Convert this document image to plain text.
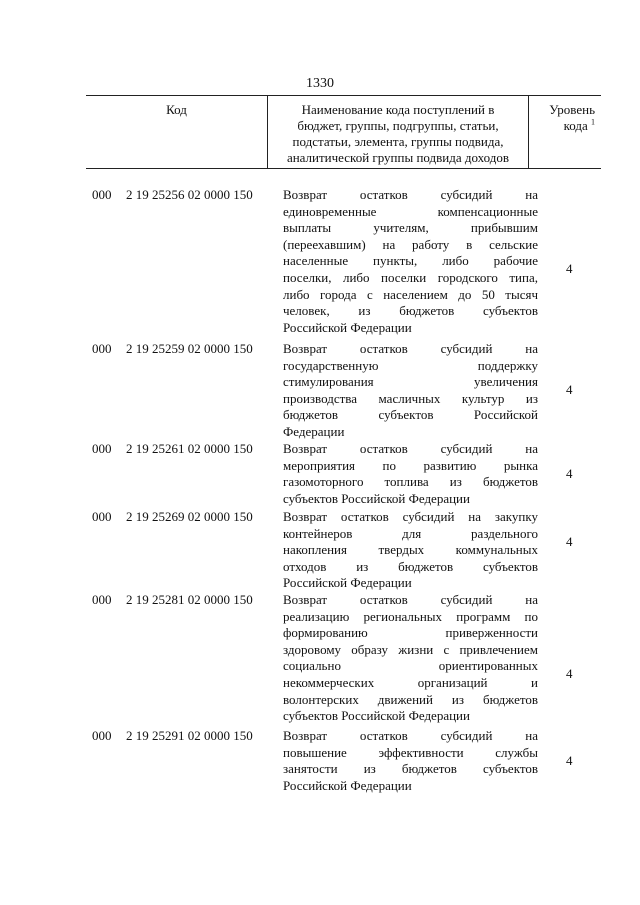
1330
Код	Наименование кода поступлений в
бюджет, группы, подгруппы, статьи,
подстатьи, элемента, группы подвида,
аналитической группы подвида доходов
Уровень
кода $^1$
000 2 19 25256 02 0000 150 Возврат остатков субсидий на
единовременные компенсационные
выплаты учителям, прибывшим
(переехавшим) на работу в сельские
населенные пункты, либо рабочие
поселки, либо поселки городского типа,
либо города с населением до 50 тысяч
человек, из бюджетов субъектов
Российской Федерации
4
000 2 19 25259 02 0000 150 Возврат остатков субсидий на
государственную поддержку
стимулирования увеличения
производства масличных культур из
бюджетов субъектов Российской
Федерации
4
000 2 19 25261 02 0000 150 Возврат остатков субсидий на
мероприятия по развитию рынка
газомоторного топлива из бюджетов
субъектов Российской Федерации
4
000 2 19 25269 02 0000 150 Возврат остатков субсидий на закупку
контейнеров для раздельного
накопления твердых коммунальных
отходов из бюджетов субъектов
Российской Федерации
4
000 2 19 25281 02 0000 150 Возврат остатков субсидий на
реализацию региональных программ по
формированию приверженности
здоровому образу жизни с привлечением
социально ориентированных
некоммерческих организаций и
волонтерских движений из бюджетов
субъектов Российской Федерации
4
000 2 19 25291 02 0000 150 Возврат остатков субсидий на
повышение эффективности службы
занятости из бюджетов субъектов
Российской Федерации
4
